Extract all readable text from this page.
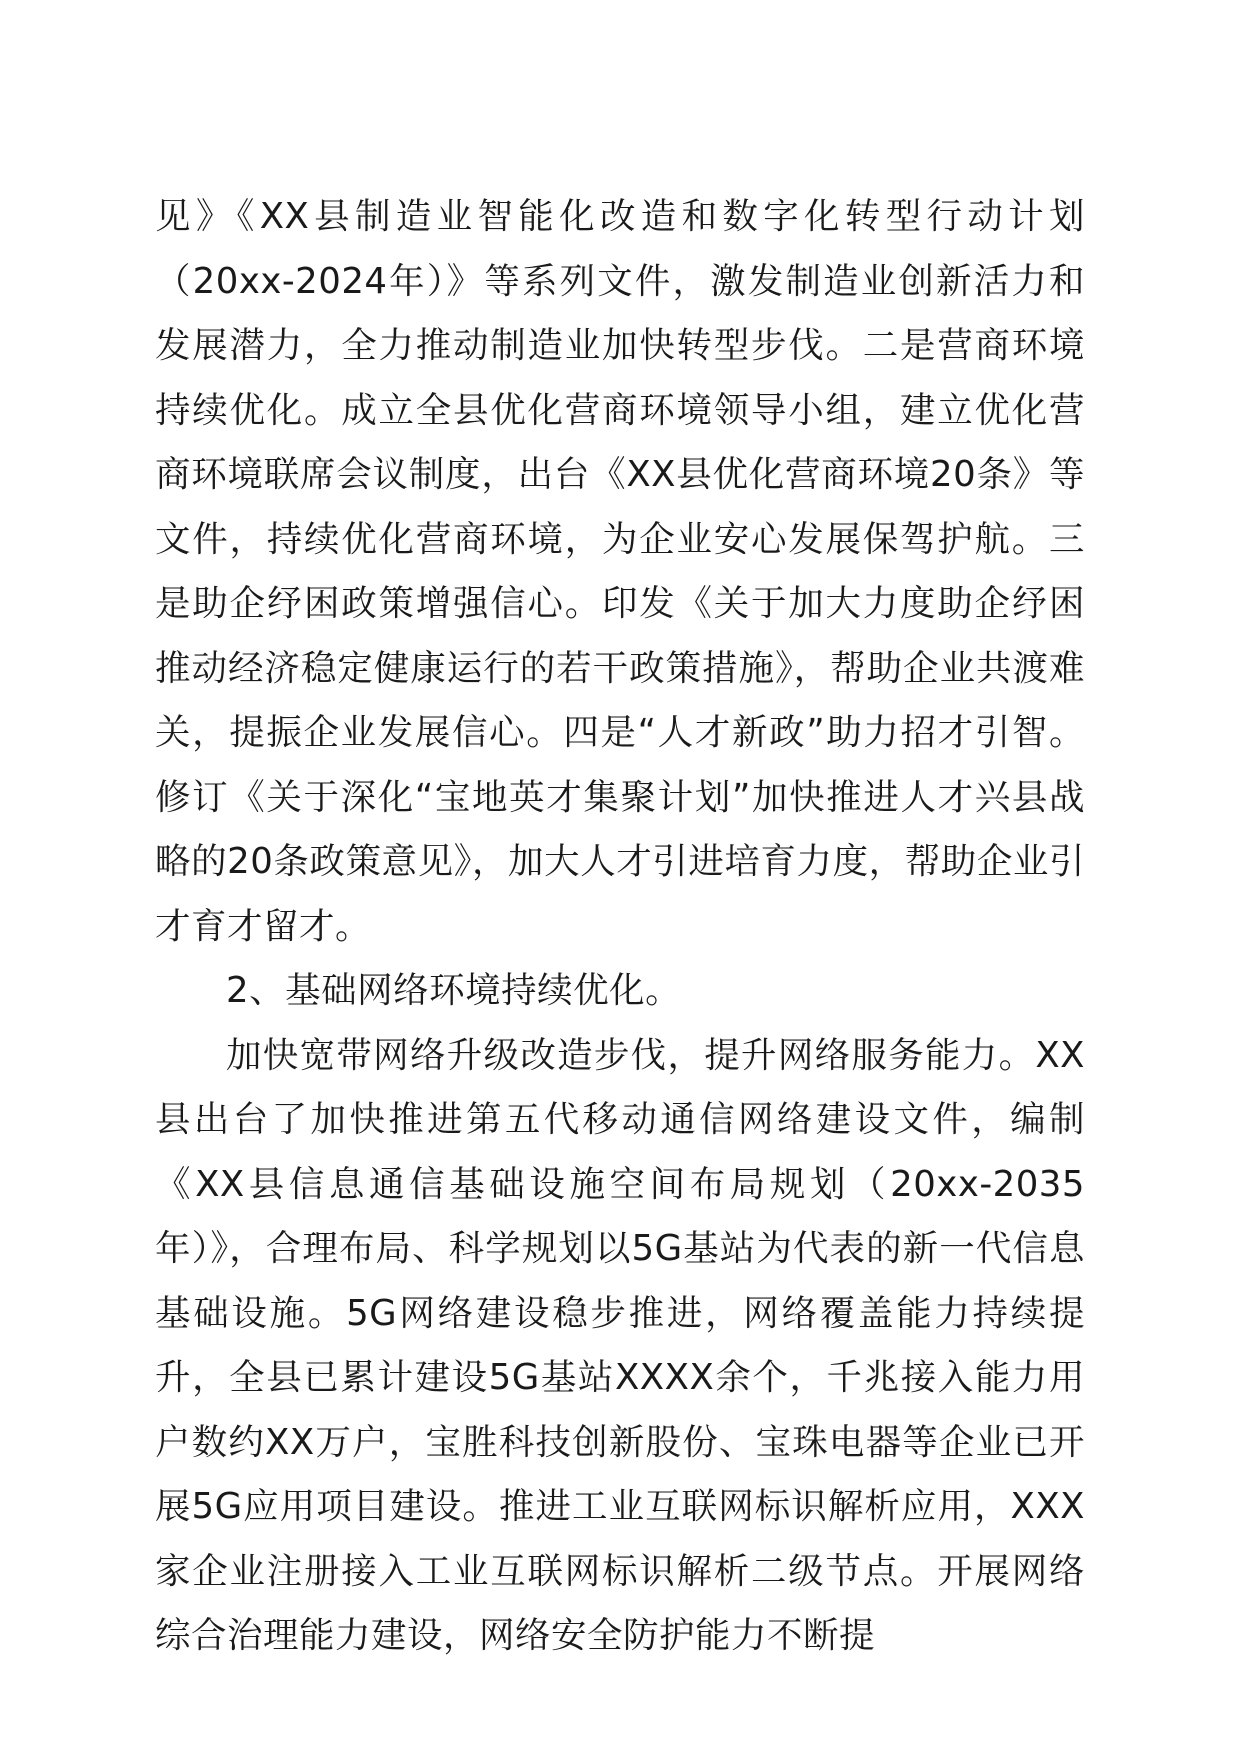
见》《XX县制造业智能化改造和数字化转型行动计划（20xx-2024年）》等系列文件，激发制造业创新活力和发展潜力，全力推动制造业加快转型步伐。二是营商环境持续优化。成立全县优化营商环境领导小组，建立优化营商环境联席会议制度，出台《XX县优化营商环境20条》等文件，持续优化营商环境，为企业安心发展保驾护航。三是助企纾困政策增强信心。印发《关于加大力度助企纾困推动经济稳定健康运行的若干政策措施》，帮助企业共渡难关，提振企业发展信心。四是“人才新政”助力招才引智。修订《关于深化“宝地英才集聚计划”加快推进人才兴县战略的20条政策意见》，加大人才引进培育力度，帮助企业引才育才留才。

2、基础网络环境持续优化。

加快宽带网络升级改造步伐，提升网络服务能力。XX县出台了加快推进第五代移动通信网络建设文件，编制《XX县信息通信基础设施空间布局规划（20xx-2035年）》，合理布局、科学规划以5G基站为代表的新一代信息基础设施。5G网络建设稳步推进，网络覆盖能力持续提升，全县已累计建设5G基站XXXX余个，千兆接入能力用户数约XX万户，宝胜科技创新股份、宝珠电器等企业已开展5G应用项目建设。推进工业互联网标识解析应用，XXX家企业注册接入工业互联网标识解析二级节点。开展网络综合治理能力建设，网络安全防护能力不断提
